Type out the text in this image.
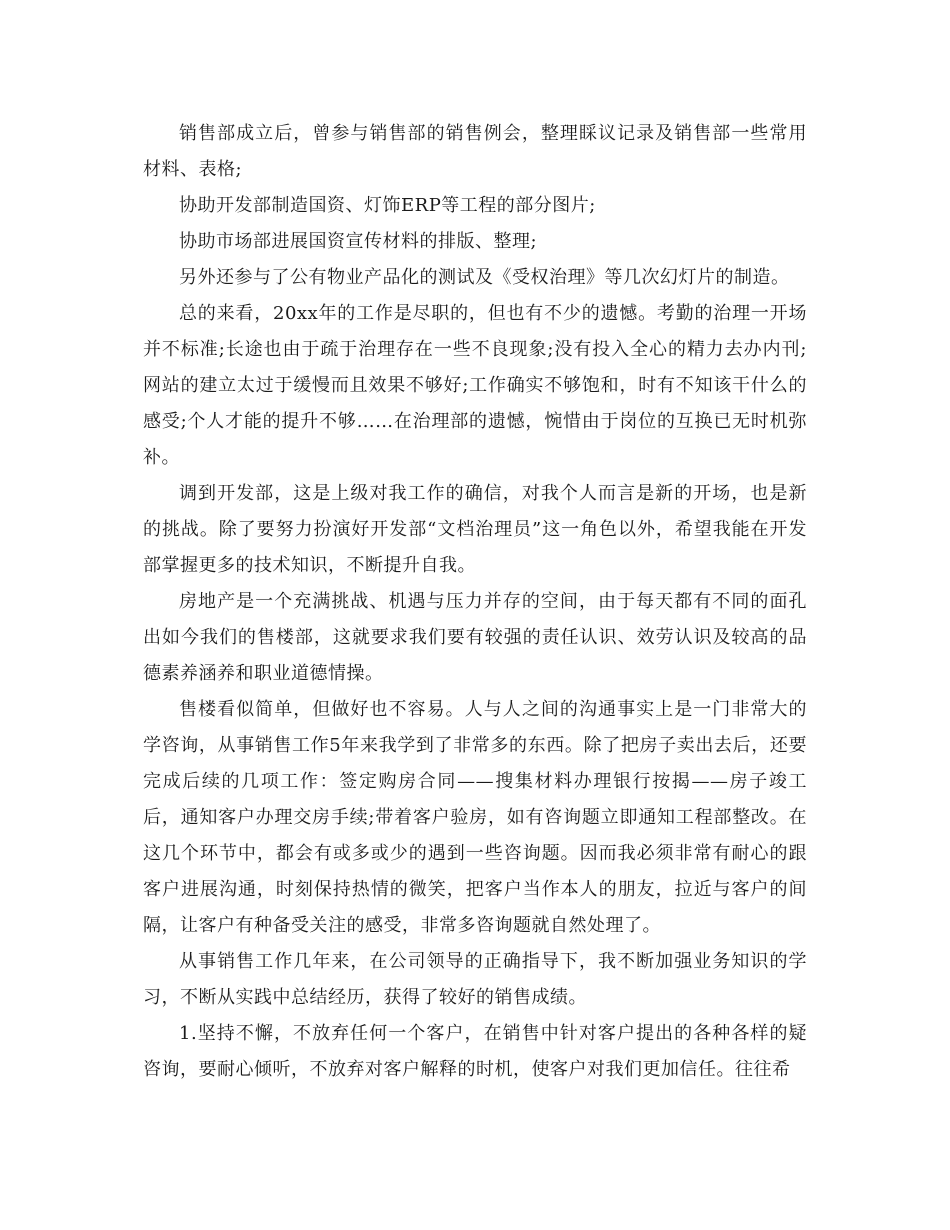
销售部成立后，曾参与销售部的销售例会，整理睬议记录及销售部一些常用材料、表格;

协助开发部制造国资、灯饰ERP等工程的部分图片;

协助市场部进展国资宣传材料的排版、整理;

另外还参与了公有物业产品化的测试及《受权治理》等几次幻灯片的制造。

总的来看，20xx年的工作是尽职的，但也有不少的遗憾。考勤的治理一开场并不标准;长途也由于疏于治理存在一些不良现象;没有投入全心的精力去办内刊;网站的建立太过于缓慢而且效果不够好;工作确实不够饱和，时有不知该干什么的感受;个人才能的提升不够……在治理部的遗憾，惋惜由于岗位的互换已无时机弥补。

调到开发部，这是上级对我工作的确信，对我个人而言是新的开场，也是新的挑战。除了要努力扮演好开发部“文档治理员”这一角色以外，希望我能在开发部掌握更多的技术知识，不断提升自我。

房地产是一个充满挑战、机遇与压力并存的空间，由于每天都有不同的面孔出如今我们的售楼部，这就要求我们要有较强的责任认识、效劳认识及较高的品德素养涵养和职业道德情操。

售楼看似简单，但做好也不容易。人与人之间的沟通事实上是一门非常大的学咨询，从事销售工作5年来我学到了非常多的东西。除了把房子卖出去后，还要完成后续的几项工作：签定购房合同——搜集材料办理银行按揭——房子竣工后，通知客户办理交房手续;带着客户验房，如有咨询题立即通知工程部整改。在这几个环节中，都会有或多或少的遇到一些咨询题。因而我必须非常有耐心的跟客户进展沟通，时刻保持热情的微笑，把客户当作本人的朋友，拉近与客户的间隔，让客户有种备受关注的感受，非常多咨询题就自然处理了。

从事销售工作几年来，在公司领导的正确指导下，我不断加强业务知识的学习，不断从实践中总结经历，获得了较好的销售成绩。

1.坚持不懈，不放弃任何一个客户，在销售中针对客户提出的各种各样的疑咨询，要耐心倾听，不放弃对客户解释的时机，使客户对我们更加信任。往往希
